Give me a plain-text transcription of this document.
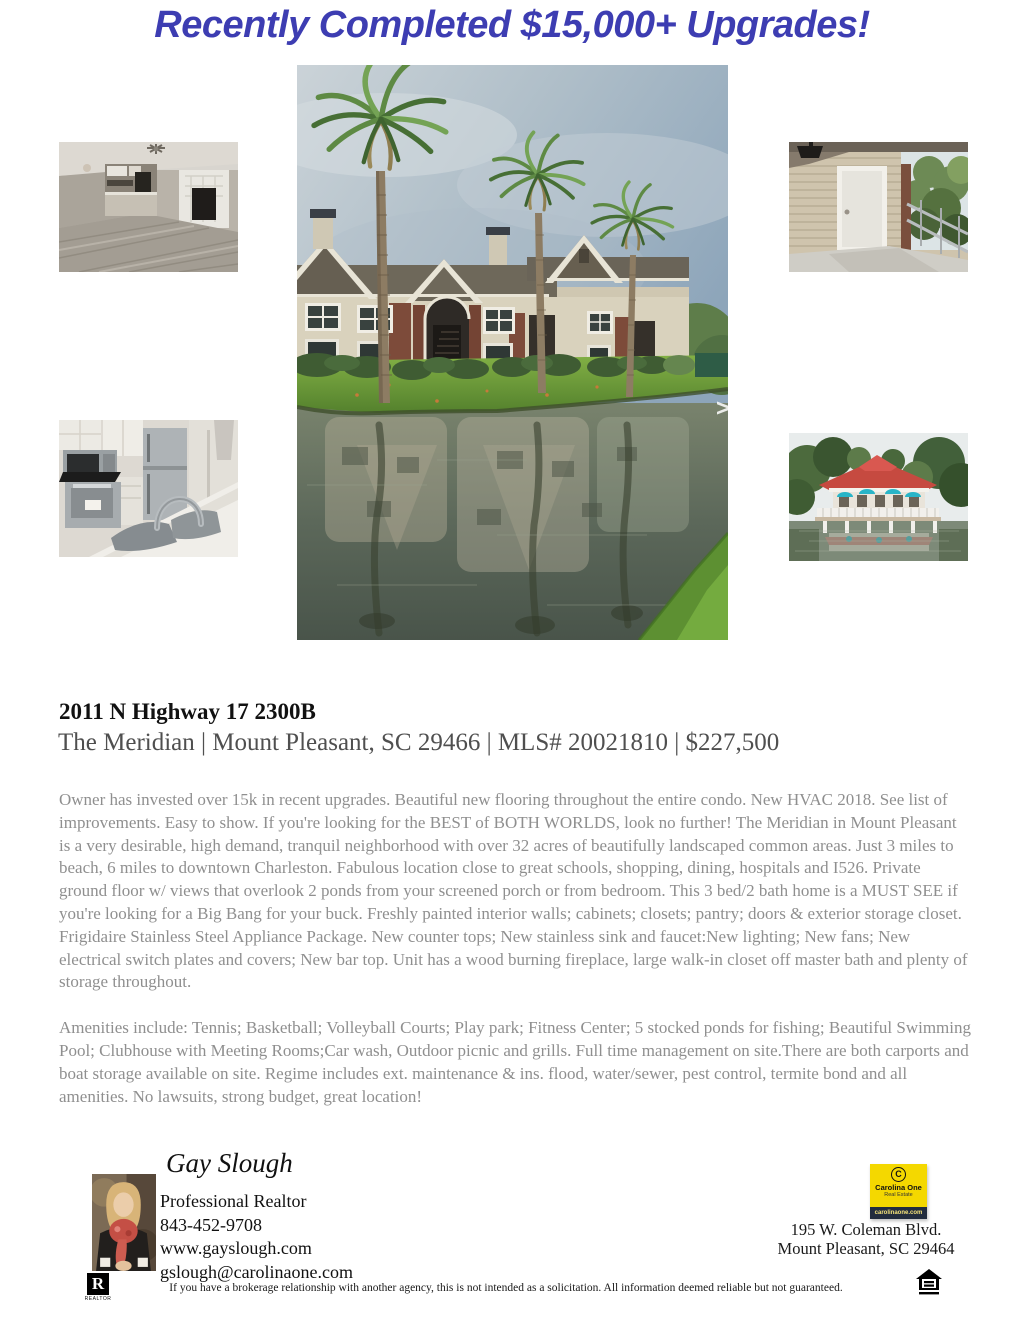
Recently Completed $15,000+ Upgrades!
>
2011 N Highway 17 2300B
The Meridian | Mount Pleasant, SC 29466 | MLS# 20021810 | $227,500

Owner has invested over 15k in recent upgrades. Beautiful new flooring throughout the entire condo. New HVAC 2018. See list of improvements. Easy to show. If you're looking for the BEST of BOTH WORLDS, look no further! The Meridian in Mount Pleasant is a very desirable, high demand, tranquil neighborhood with over 32 acres of beautifully landscaped common areas. Just 3 miles to beach, 6 miles to downtown Charleston. Fabulous location close to great schools, shopping, dining, hospitals and I526. Private ground floor w/ views that overlook 2 ponds from your screened porch or from bedroom. This 3 bed/2 bath home is a MUST SEE if you're looking for a Big Bang for your buck. Freshly painted interior walls; cabinets; closets; pantry; doors & exterior storage closet. Frigidaire Stainless Steel Appliance Package. New counter tops; New stainless sink and faucet:New lighting; New fans; New electrical switch plates and covers; New bar top. Unit has a wood burning fireplace, large walk-in closet off master bath and plenty of storage throughout.

Amenities include: Tennis; Basketball; Volleyball Courts; Play park; Fitness Center; 5 stocked ponds for fishing; Beautiful Swimming Pool; Clubhouse with Meeting Rooms;Car wash, Outdoor picnic and grills. Full time management on site.There are both carports and boat storage available on site. Regime includes ext. maintenance & ins. flood, water/sewer, pest control, termite bond and all amenities. No lawsuits, strong budget, great location!

Gay Slough
Professional Realtor
843-452-9708
www.gayslough.com
gslough@carolinaone.com
R
REALTOR
C
Carolina One
Real Estate
carolinaone.com
195 W. Coleman Blvd.
Mount Pleasant, SC 29464
If you have a brokerage relationship with another agency, this is not intended as a solicitation. All information deemed reliable but not guaranteed.
